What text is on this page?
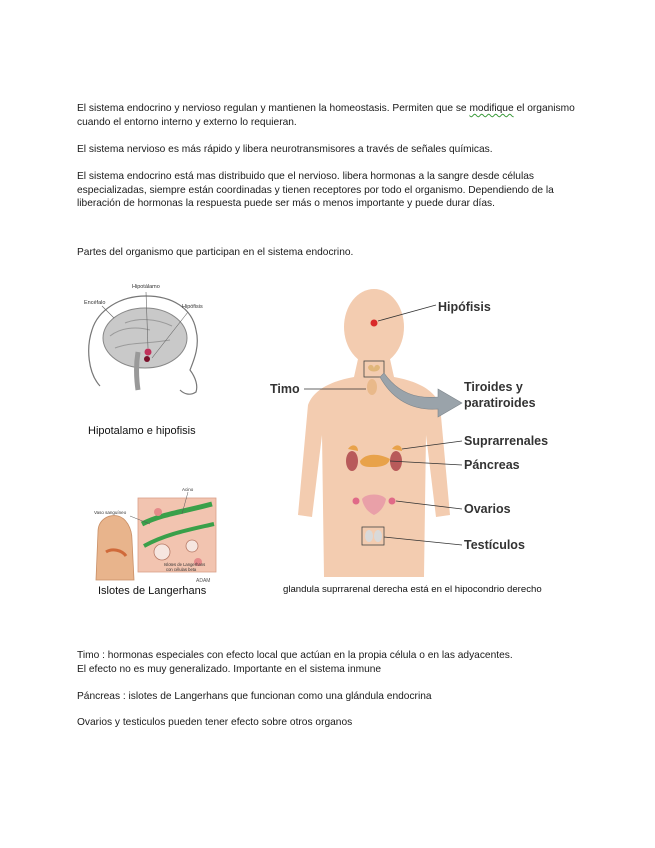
El sistema endocrino y nervioso regulan y mantienen la homeostasis. Permiten que se modifique el organismo cuando el entorno interno y externo lo requieran.

El sistema nervioso es más rápido y libera neurotransmisores a través de señales químicas.

El sistema endocrino está mas distribuido que el nervioso. libera hormonas a la sangre desde células especializadas, siempre están coordinadas y tienen receptores por todo el organismo. Dependiendo de la liberación de hormonas la respuesta puede ser más o menos importante y puede durar días.

Partes del organismo que participan en el sistema endocrino.

Encéfalo
Hipotálamo
Hipófisis
Hipotalamo e hipofisis
Vaso sanguíneo
Acino
Islotes de Langerhans
con células beta
ADAM
Islotes de Langerhans
Hipófisis
Timo	Tiroides y
paratiroides
Suprarrenales
Páncreas
Ovarios
Testículos
glandula suprrarenal derecha está en el hipocondrio derecho

Timo : hormonas especiales con efecto local que actúan en la propia célula o en las adyacentes.
El efecto no es muy generalizado. Importante en el sistema inmune

Páncreas : islotes de Langerhans que funcionan como una glándula endocrina

Ovarios y testiculos pueden tener efecto sobre otros organos
